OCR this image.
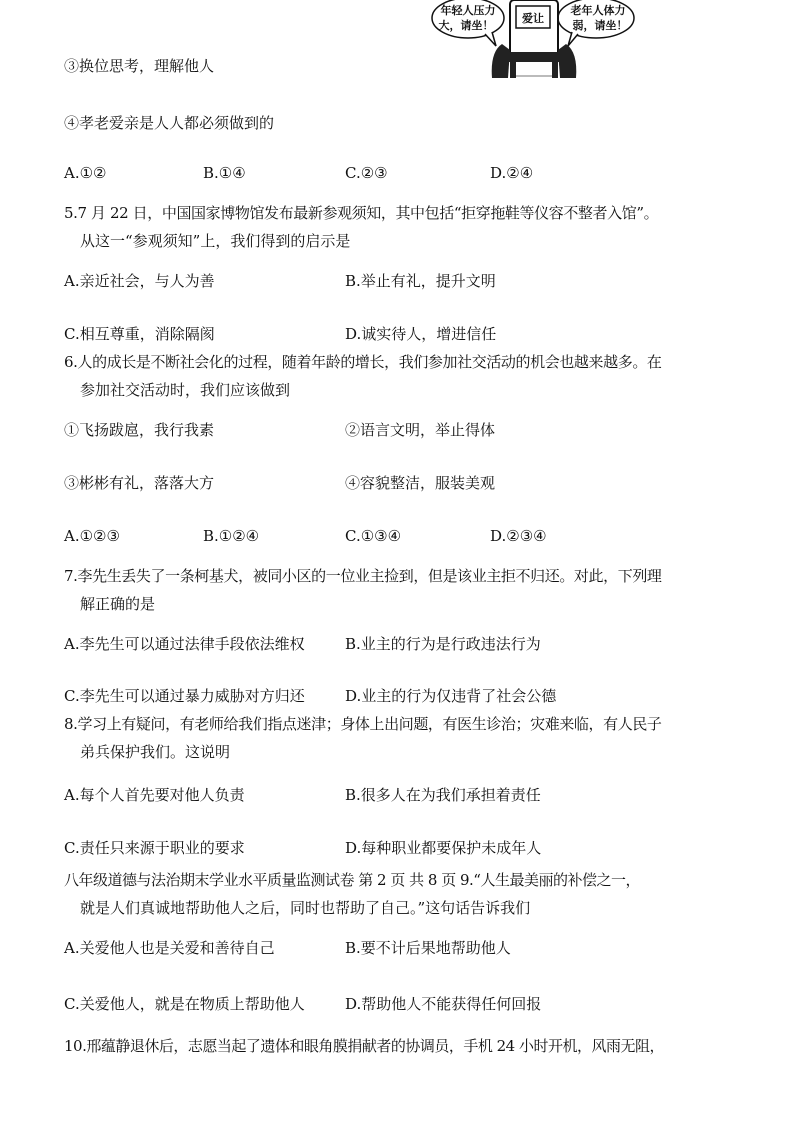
年轻人压力
大，请坐！
老年人体力
弱，请坐！
爱让
③换位思考，理解他人
④孝老爱亲是人人都必须做到的
A.①②	B.①④	C.②③	D.②④
5.7 月 22 日，中国国家博物馆发布最新参观须知，其中包括“拒穿拖鞋等仪容不整者入馆”。
从这一“参观须知”上，我们得到的启示是
A.亲近社会，与人为善	B.举止有礼，提升文明
C.相互尊重，消除隔阂	D.诚实待人，增进信任
6.人的成长是不断社会化的过程，随着年龄的增长，我们参加社交活动的机会也越来越多。在
参加社交活动时，我们应该做到
①飞扬跋扈，我行我素	②语言文明，举止得体
③彬彬有礼，落落大方	④容貌整洁，服装美观
A.①②③	B.①②④	C.①③④	D.②③④
7.李先生丢失了一条柯基犬，被同小区的一位业主捡到，但是该业主拒不归还。对此，下列理
解正确的是
A.李先生可以通过法律手段依法维权	B.业主的行为是行政违法行为
C.李先生可以通过暴力威胁对方归还	D.业主的行为仅违背了社会公德
8.学习上有疑问，有老师给我们指点迷津；身体上出问题，有医生诊治；灾难来临，有人民子
弟兵保护我们。这说明
A.每个人首先要对他人负责	B.很多人在为我们承担着责任
C.责任只来源于职业的要求	D.每种职业都要保护未成年人
八年级道德与法治期末学业水平质量监测试卷 第 2 页 共 8 页 9.“人生最美丽的补偿之一，
就是人们真诚地帮助他人之后，同时也帮助了自己。”这句话告诉我们
A.关爱他人也是关爱和善待自己	B.要不计后果地帮助他人
C.关爱他人，就是在物质上帮助他人	D.帮助他人不能获得任何回报
10.邢蕴静退休后，志愿当起了遗体和眼角膜捐献者的协调员，手机 24 小时开机，风雨无阻，
